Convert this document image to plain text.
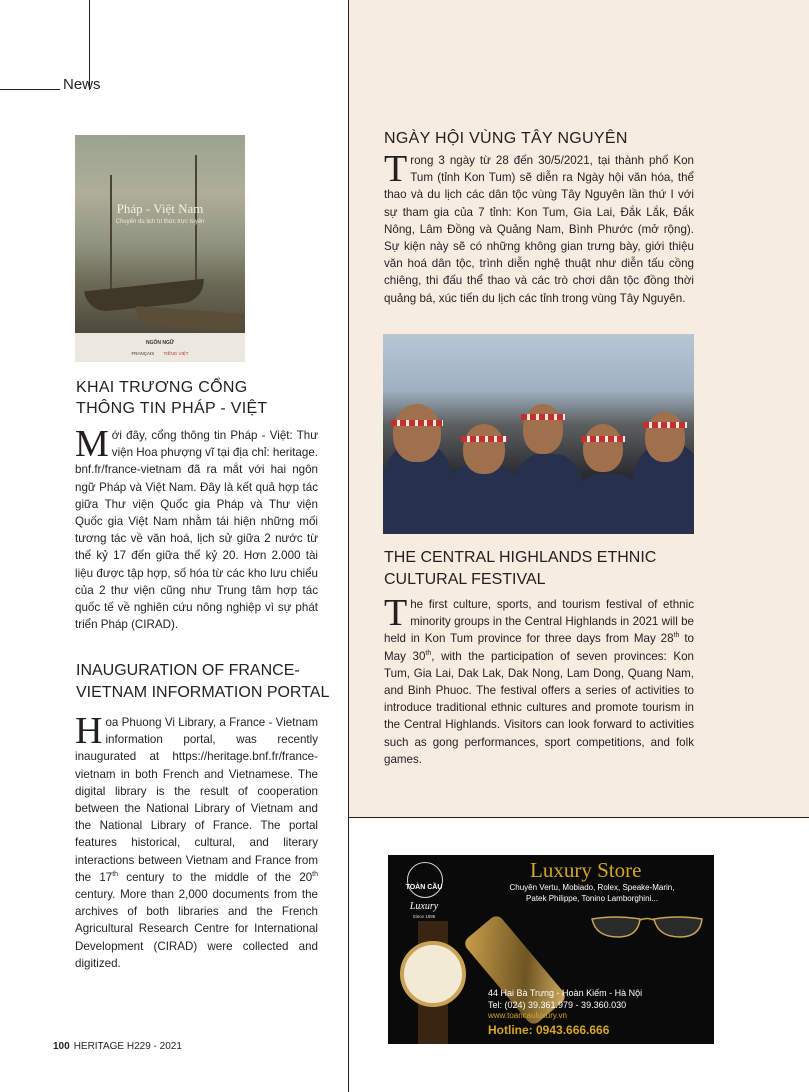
News
Pháp - Việt Nam
Chuyến du lịch tri thức trực tuyến
NGÔN NGỮ
FRANÇAIS TIẾNG VIỆT
KHAI TRƯƠNG CỔNG
THÔNG TIN PHÁP - VIỆT
Mới đây, cổng thông tin Pháp - Việt: Thư viện Hoa phượng vĩ tại địa chỉ: heritage. bnf.fr/france-vietnam đã ra mắt với hai ngôn ngữ Pháp và Việt Nam. Đây là kết quả hợp tác giữa Thư viện Quốc gia Pháp và Thư viện Quốc gia Việt Nam nhằm tái hiện những mối tương tác về văn hoá, lịch sử giữa 2 nước từ thế kỷ 17 đến giữa thế kỷ 20. Hơn 2.000 tài liệu được tập hợp, số hóa từ các kho lưu chiểu của 2 thư viện cũng như Trung tâm hợp tác quốc tế về nghiên cứu nông nghiệp vì sự phát triển Pháp (CIRAD).
INAUGURATION OF FRANCE-
VIETNAM INFORMATION PORTAL
Hoa Phuong Vi Library, a France - Vietnam information portal, was recently inaugurated at https://heritage.bnf.fr/france-vietnam in both French and Vietnamese. The digital library is the result of cooperation between the National Library of Vietnam and the National Library of France. The portal features historical, cultural, and literary interactions between Vietnam and France from the 17th century to the middle of the 20th century. More than 2,000 documents from the archives of both libraries and the French Agricultural Research Centre for International Development (CIRAD) were collected and digitized.
NGÀY HỘI VÙNG TÂY NGUYÊN
Trong 3 ngày từ 28 đến 30/5/2021, tại thành phố Kon Tum (tỉnh Kon Tum) sẽ diễn ra Ngày hội văn hóa, thể thao và du lịch các dân tộc vùng Tây Nguyên lần thứ I với sự tham gia của 7 tỉnh: Kon Tum, Gia Lai, Đắk Lắk, Đắk Nông, Lâm Đồng và Quảng Nam, Bình Phước (mở rộng). Sự kiện này sẽ có những không gian trưng bày, giới thiệu văn hoá dân tộc, trình diễn nghệ thuật như diễn tấu cồng chiêng, thi đấu thể thao và các trò chơi dân tộc đồng thời quảng bá, xúc tiến du lịch các tỉnh trong vùng Tây Nguyên.
THE CENTRAL HIGHLANDS ETHNIC
CULTURAL FESTIVAL
The first culture, sports, and tourism festival of ethnic minority groups in the Central Highlands in 2021 will be held in Kon Tum province for three days from May 28th to May 30th, with the participation of seven provinces: Kon Tum, Gia Lai, Dak Lak, Dak Nong, Lam Dong, Quang Nam, and Binh Phuoc. The festival offers a series of activities to introduce traditional ethnic cultures and promote tourism in the Central Highlands. Visitors can look forward to activities such as gong performances, sport competitions, and folk games.
TOÀN CẦU
Luxury
Since 1995
Luxury Store
Chuyên Vertu, Mobiado, Rolex, Speake-Marin,
Patek Philippe, Tonino Lamborghini...
44 Hai Bà Trưng - Hoàn Kiếm - Hà Nội
Tel: (024) 39.361.979 - 39.360.030
www.toancauluxury.vn
Hotline: 0943.666.666
100 HERITAGE H229 - 2021
